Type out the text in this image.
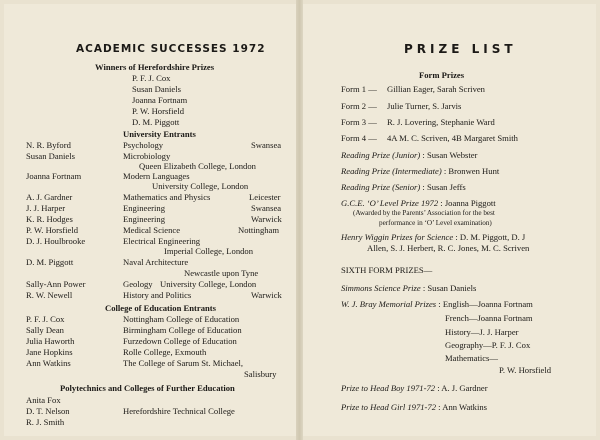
ACADEMIC SUCCESSES 1972
Winners of Herefordshire Prizes
P. F. J. Cox
Susan Daniels
Joanna Fortnam
P. W. Horsfield
D. M. Piggott
University Entrants
N. R. Byford	Psychology	Swansea
Susan Daniels	Microbiology
Queen Elizabeth College, London
Joanna Fortnam	Modern Languages
University College, London
A. J. Gardner	Mathematics and Physics	Leicester
J. J. Harper	Engineering	Swansea
K. R. Hodges	Engineering	Warwick
P. W. Horsfield	Medical Science	Nottingham
D. J. Houlbrooke	Electrical Engineering
Imperial College, London
D. M. Piggott	Naval Architecture
Newcastle upon Tyne
Sally-Ann Power	Geology University College, London
R. W. Newell	History and Politics	Warwick
College of Education Entrants
P. F. J. Cox	Nottingham College of Education
Sally Dean	Birmingham College of Education
Julia Haworth	Furzedown College of Education
Jane Hopkins	Rolle College, Exmouth
Ann Watkins	The College of Sarum St. Michael,
Salisbury
Polytechnics and Colleges of Further Education
Anita Fox
D. T. Nelson	Herefordshire Technical College
R. J. Smith
PRIZE LIST
Form Prizes
Form 1 — Gillian Eager, Sarah Scriven
Form 2 — Julie Turner, S. Jarvis
Form 3 — R. J. Lovering, Stephanie Ward
Form 4 — 4A M. C. Scriven, 4B Margaret Smith
Reading Prize (Junior) : Susan Webster
Reading Prize (Intermediate) : Bronwen Hunt
Reading Prize (Senior) : Susan Jeffs
G.C.E. ‘O’ Level Prize 1972 : Joanna Piggott
(Awarded by the Parents’ Association for the best
performance in ‘O’ Level examination)
Henry Wiggin Prizes for Science : D. M. Piggott, D. J
Allen, S. J. Herbert, R. C. Jones, M. C. Scriven
SIXTH FORM PRIZES—
Simmons Science Prize : Susan Daniels
W. J. Bray Memorial Prizes : English—Joanna Fortnam
French—Joanna Fortnam
History—J. J. Harper
Geography—P. F. J. Cox
Mathematics—
P. W. Horsfield
Prize to Head Boy 1971-72 : A. J. Gardner
Prize to Head Girl 1971-72 : Ann Watkins
